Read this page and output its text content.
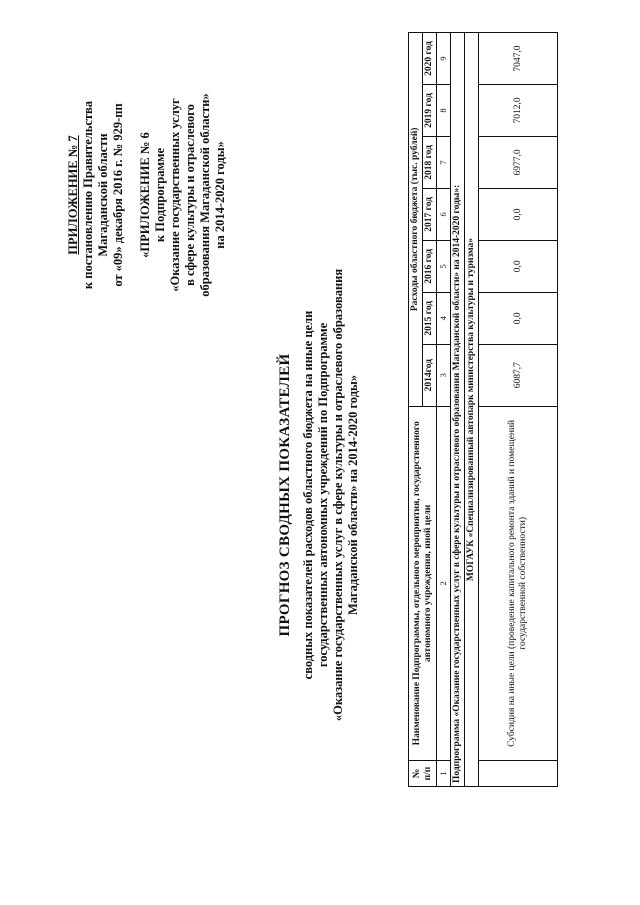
ПРИЛОЖЕНИЕ № 7 к постановлению Правительства Магаданской области от «09» декабря 2016 г. № 929-пп «ПРИЛОЖЕНИЕ № 6 к Подпрограмме «Оказание государственных услуг в сфере культуры и отраслевого образования Магаданской области» на 2014-2020 годы»
ПРОГНОЗ СВОДНЫХ ПОКАЗАТЕЛЕЙ сводных показателей расходов областного бюджета на иные цели государственных автономных учреждений по Подпрограмме «Оказание государственных услуг в сфере культуры и отраслевого образования Магаданской области» на 2014-2020 годы»
№ п/п	Наименование Подпрограммы, отдельного мероприятия, государственного автономного учреждения, иной цели	Расходы областного бюджета (тыс. рублей)						
		2014год	2015 год	2016 год	2017 год	2018 год	2019 год	2020 год
1	2	3	4	5	6	7	8	9
Подпрограмма «Оказание государственных услуг в сфере культуры и отраслевого образования Магаданской области» на 2014-2020 годы»:								
МОГАУК «Специализированный автопарк министерства культуры и туризма»								
	Субсидия на иные цели (проведение капитального ремонта зданий и помещений государственной собственности)	6087,7	0,0	0,0	0,0	6977,0	7012,0	7047,0
